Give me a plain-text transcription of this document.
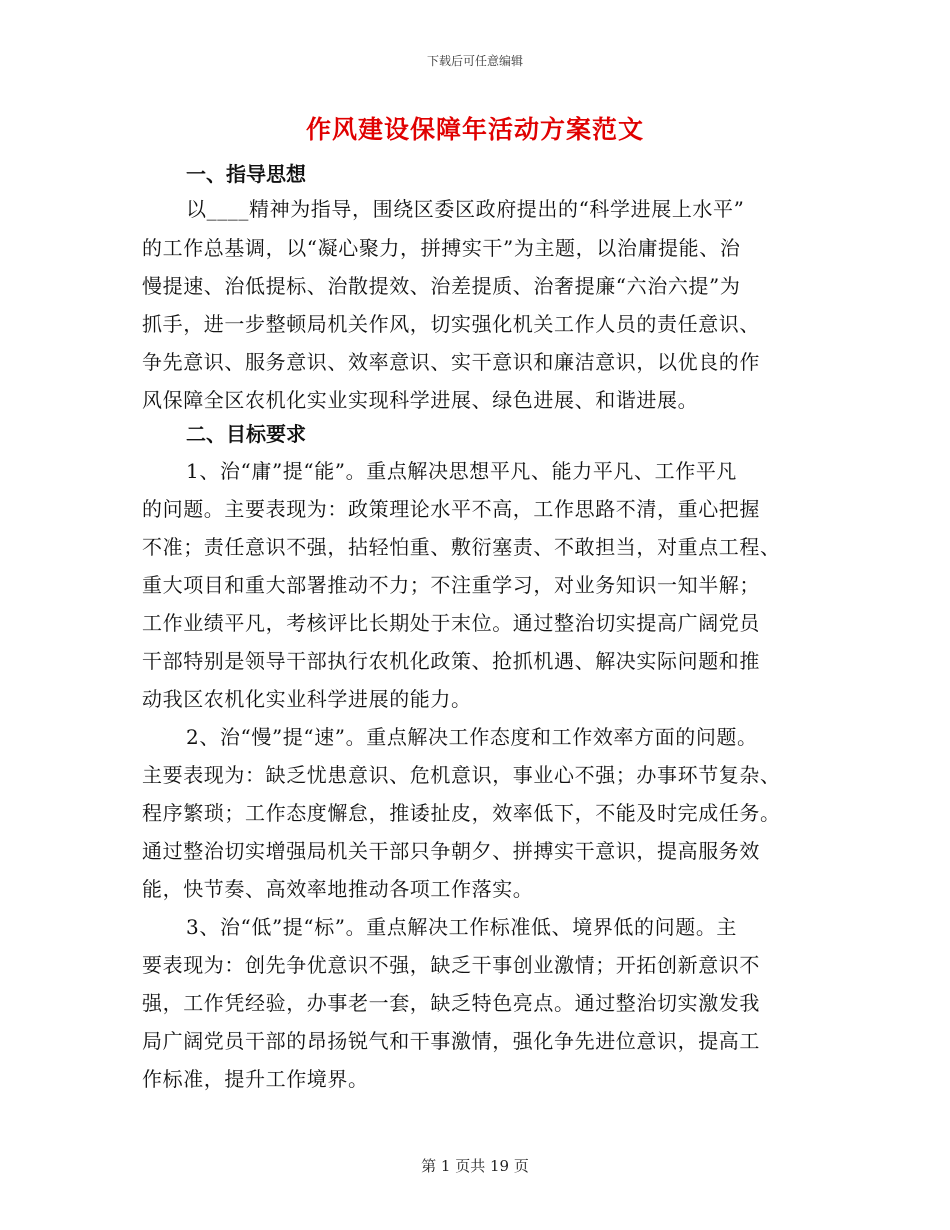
下载后可任意编辑
作风建设保障年活动方案范文
一、指导思想
以____精神为指导，围绕区委区政府提出的“科学进展上水平”
的工作总基调，以“凝心聚力，拼搏实干”为主题，以治庸提能、治
慢提速、治低提标、治散提效、治差提质、治奢提廉“六治六提”为
抓手，进一步整顿局机关作风，切实强化机关工作人员的责任意识、
争先意识、服务意识、效率意识、实干意识和廉洁意识，以优良的作
风保障全区农机化实业实现科学进展、绿色进展、和谐进展。
二、目标要求
1、治“庸”提“能”。重点解决思想平凡、能力平凡、工作平凡
的问题。主要表现为：政策理论水平不高，工作思路不清，重心把握
不准；责任意识不强，拈轻怕重、敷衍塞责、不敢担当，对重点工程、
重大项目和重大部署推动不力；不注重学习，对业务知识一知半解；
工作业绩平凡，考核评比长期处于末位。通过整治切实提高广阔党员
干部特别是领导干部执行农机化政策、抢抓机遇、解决实际问题和推
动我区农机化实业科学进展的能力。
2、治“慢”提“速”。重点解决工作态度和工作效率方面的问题。
主要表现为：缺乏忧患意识、危机意识，事业心不强；办事环节复杂、
程序繁琐；工作态度懈怠，推诿扯皮，效率低下，不能及时完成任务。
通过整治切实增强局机关干部只争朝夕、拼搏实干意识，提高服务效
能，快节奏、高效率地推动各项工作落实。
3、治“低”提“标”。重点解决工作标准低、境界低的问题。主
要表现为：创先争优意识不强，缺乏干事创业激情；开拓创新意识不
强，工作凭经验，办事老一套，缺乏特色亮点。通过整治切实激发我
局广阔党员干部的昂扬锐气和干事激情，强化争先进位意识，提高工
作标准，提升工作境界。
第 1 页共 19 页
